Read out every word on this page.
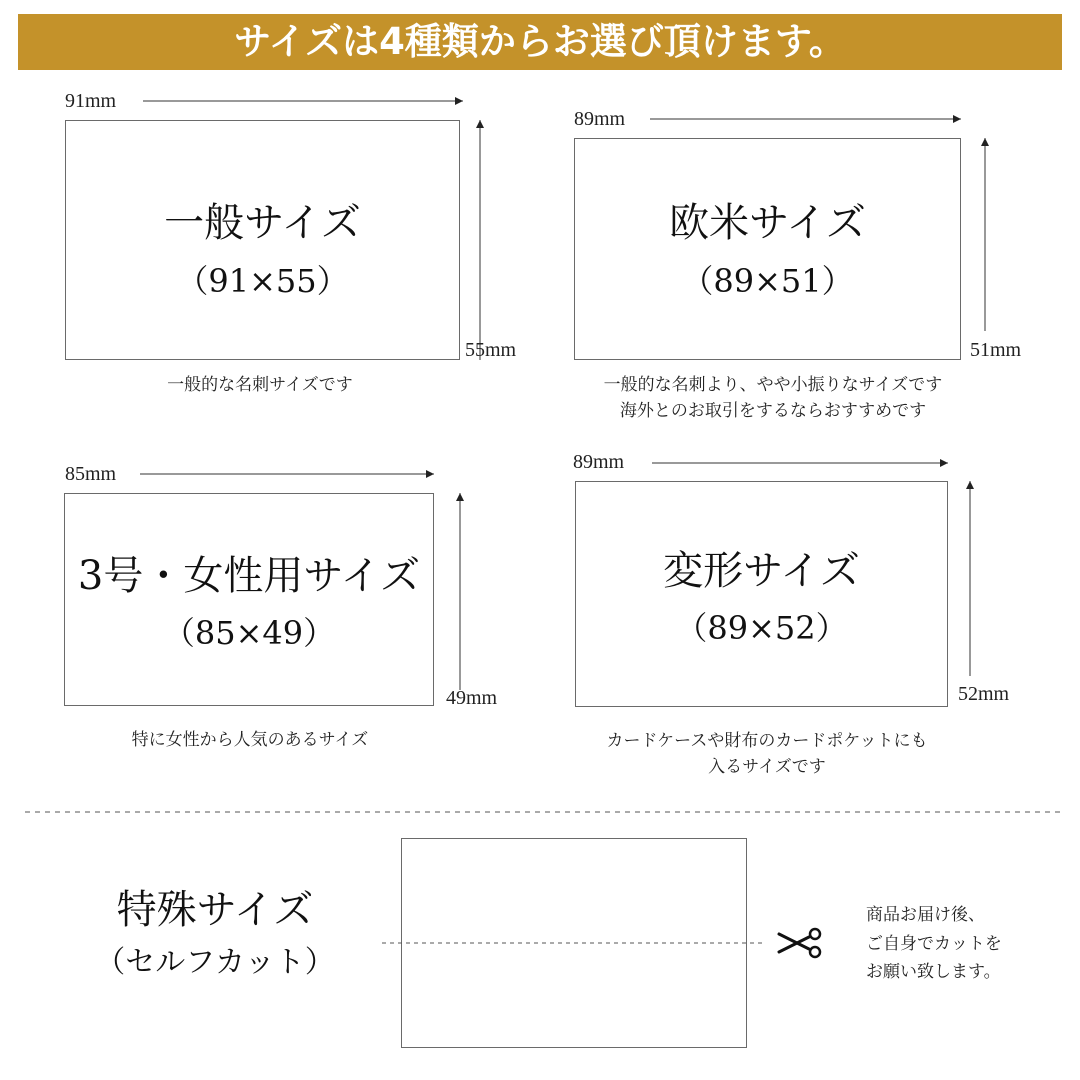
サイズは4種類からお選び頂けます。
91mm
一般サイズ
（91×55）
55mm
一般的な名刺サイズです
89mm
欧米サイズ
（89×51）
51mm
一般的な名刺より、やや小振りなサイズです
海外とのお取引をするならおすすめです
85mm
3号・女性用サイズ
（85×49）
49mm
特に女性から人気のあるサイズ
89mm
変形サイズ
（89×52）
52mm
カードケースや財布のカードポケットにも
入るサイズです
特殊サイズ
（セルフカット）
商品お届け後、
ご自身でカットを
お願い致します。
